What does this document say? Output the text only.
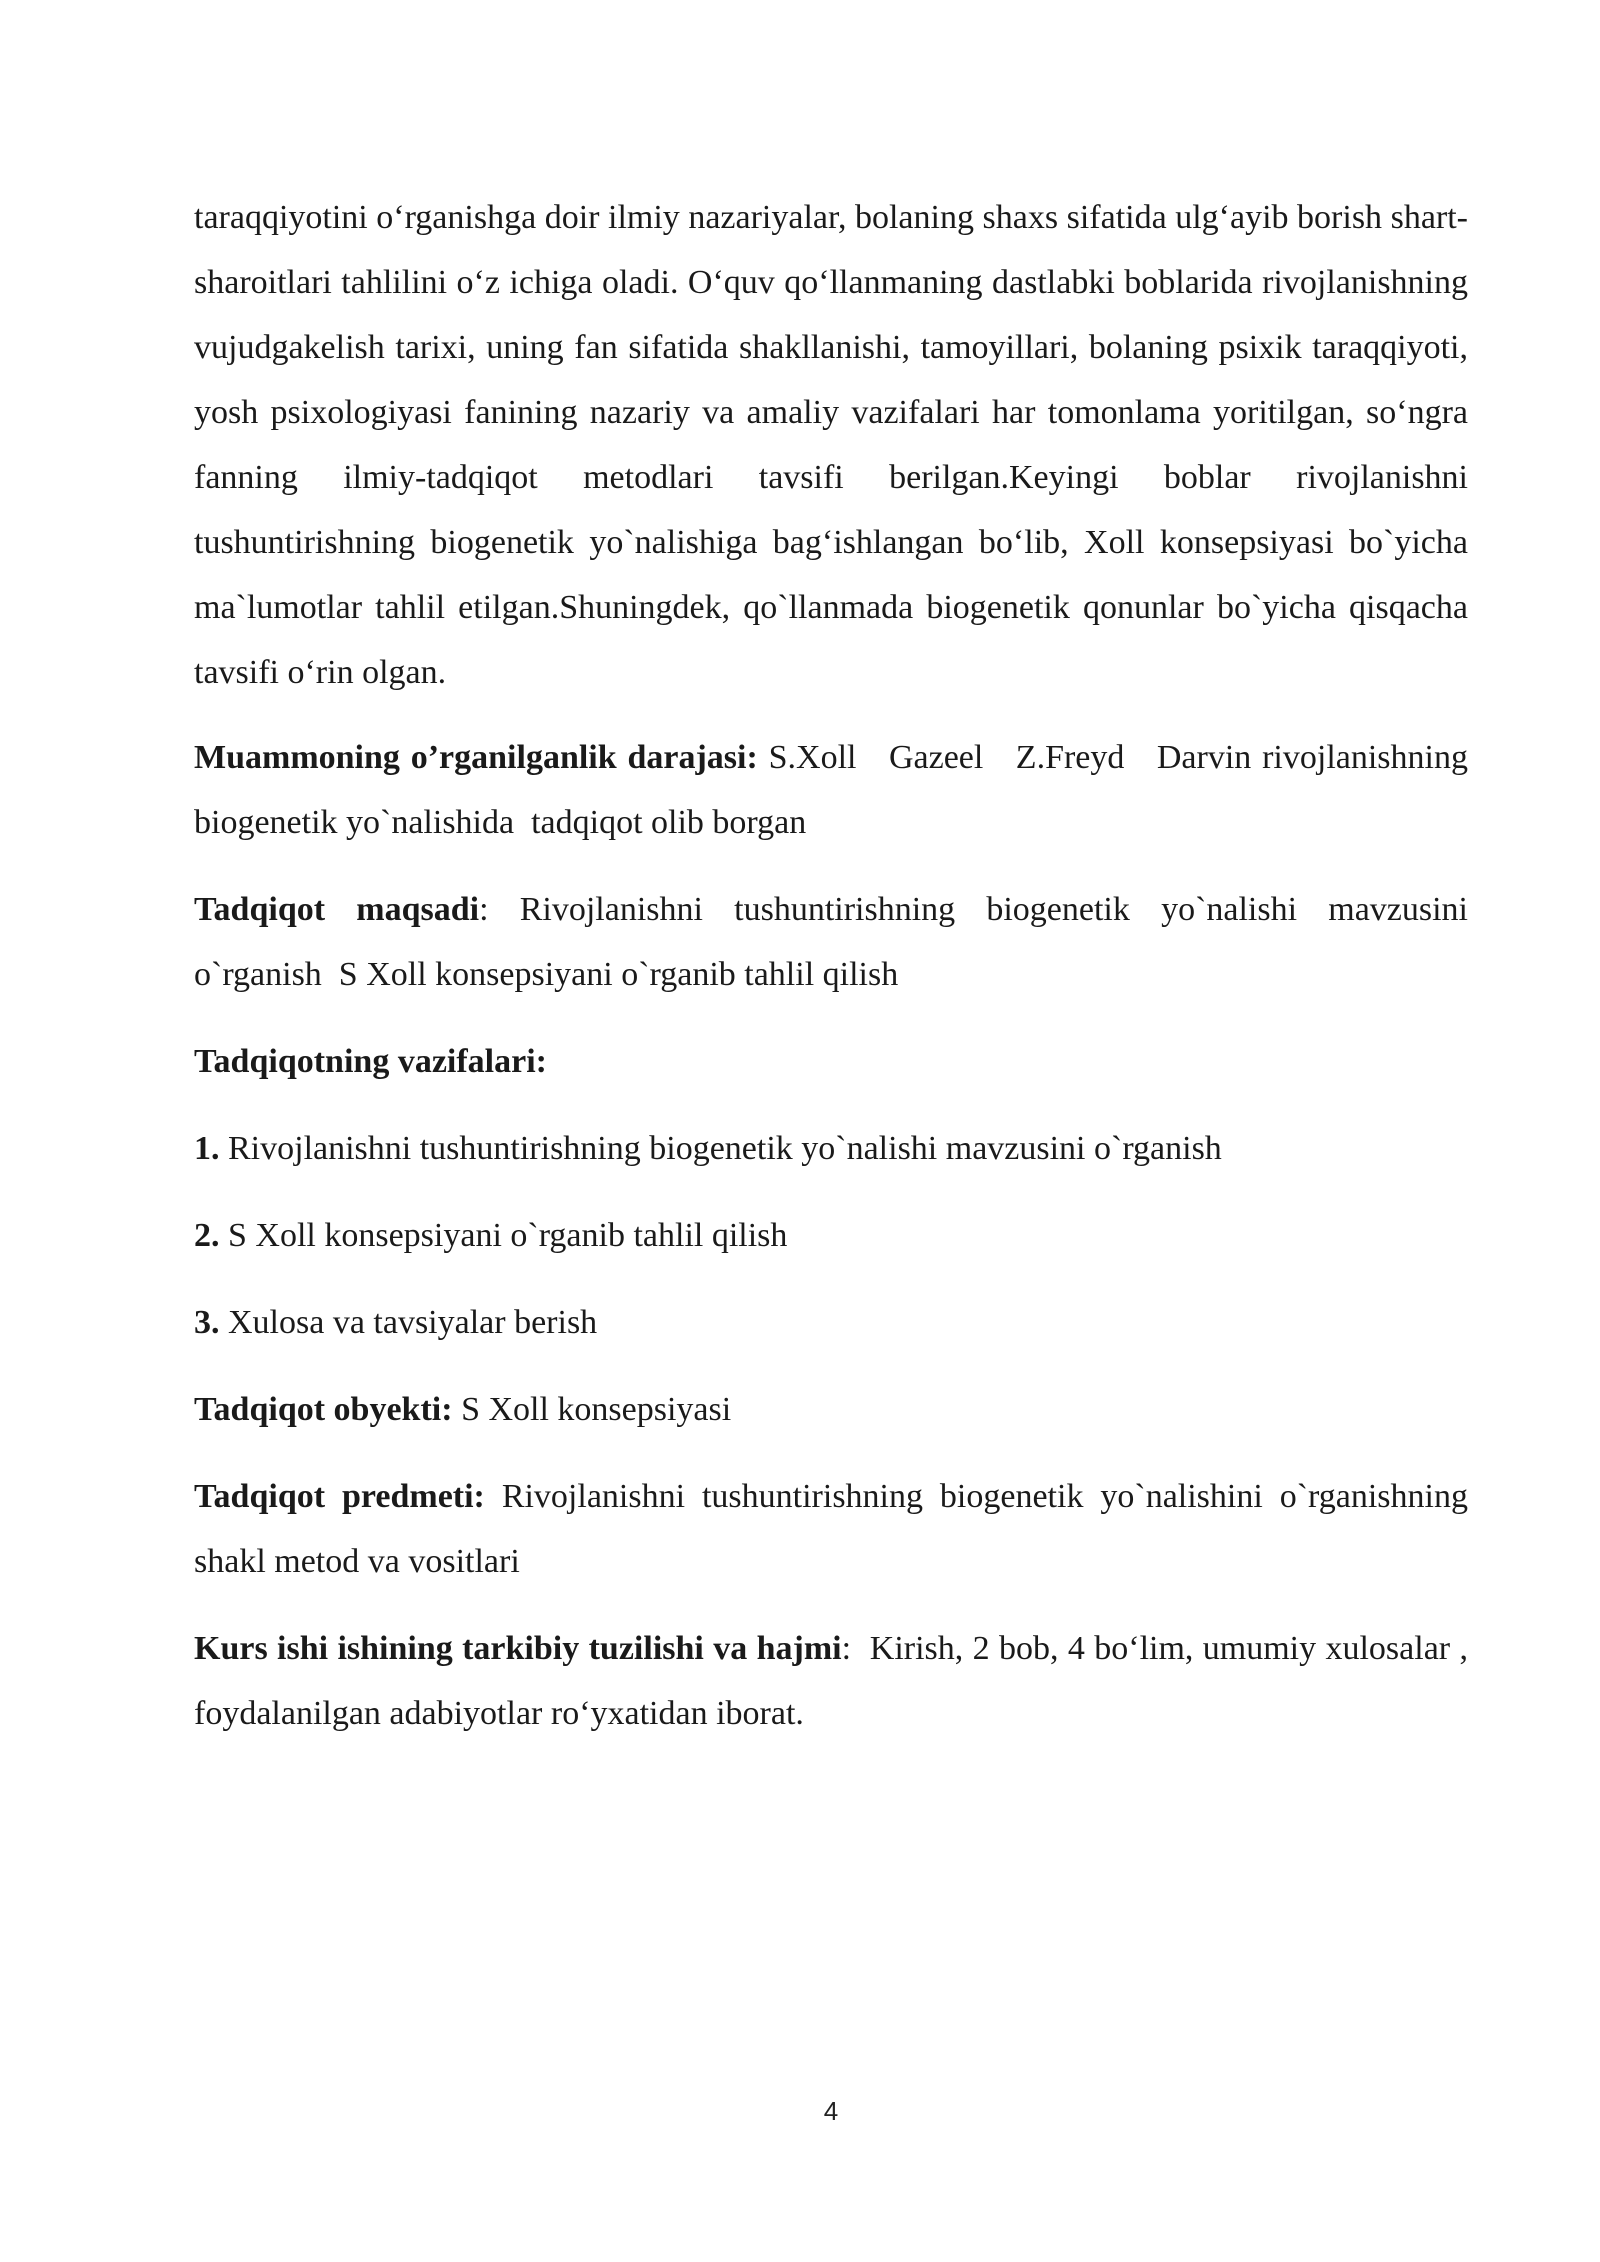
taraqqiyotini o‘rganishga doir ilmiy nazariyalar, bolaning shaxs sifatida ulg‘ayib borish shart- sharoitlari tahlilini o‘z ichiga oladi. O‘quv qo‘llanmaning dastlabki boblarida rivojlanishning vujudgakelish tarixi, uning fan sifatida shakllanishi, tamoyillari, bolaning psixik taraqqiyoti, yosh psixologiyasi fanining nazariy va amaliy vazifalari har tomonlama yoritilgan, so‘ngra fanning ilmiy-tadqiqot metodlari tavsifi berilgan.Keyingi boblar rivojlanishni tushuntirishning biogenetik yo`nalishiga bag‘ishlangan bo‘lib, Xoll konsepsiyasi bo`yicha ma`lumotlar tahlil etilgan.Shuningdek, qo`llanmada biogenetik qonunlar bo`yicha qisqacha tavsifi o‘rin olgan.

Muammoning o’rganilganlik darajasi: S.Xoll   Gazeel   Z.Freyd   Darvin rivojlanishning biogenetik yo`nalishida  tadqiqot olib borgan

Tadqiqot maqsadi: Rivojlanishni tushuntirishning biogenetik yo`nalishi mavzusini o`rganish  S Xoll konsepsiyani o`rganib tahlil qilish

Tadqiqotning vazifalari:

1. Rivojlanishni tushuntirishning biogenetik yo`nalishi mavzusini o`rganish

2. S Xoll konsepsiyani o`rganib tahlil qilish

3. Xulosa va tavsiyalar berish

Tadqiqot obyekti: S Xoll konsepsiyasi

Tadqiqot predmeti: Rivojlanishni tushuntirishning biogenetik yo`nalishini o`rganishning shakl metod va vositlari

Kurs ishi ishining tarkibiy tuzilishi va hajmi:  Kirish, 2 bob, 4 bo‘lim, umumiy xulosalar , foydalanilgan adabiyotlar ro‘yxatidan iborat.

4
